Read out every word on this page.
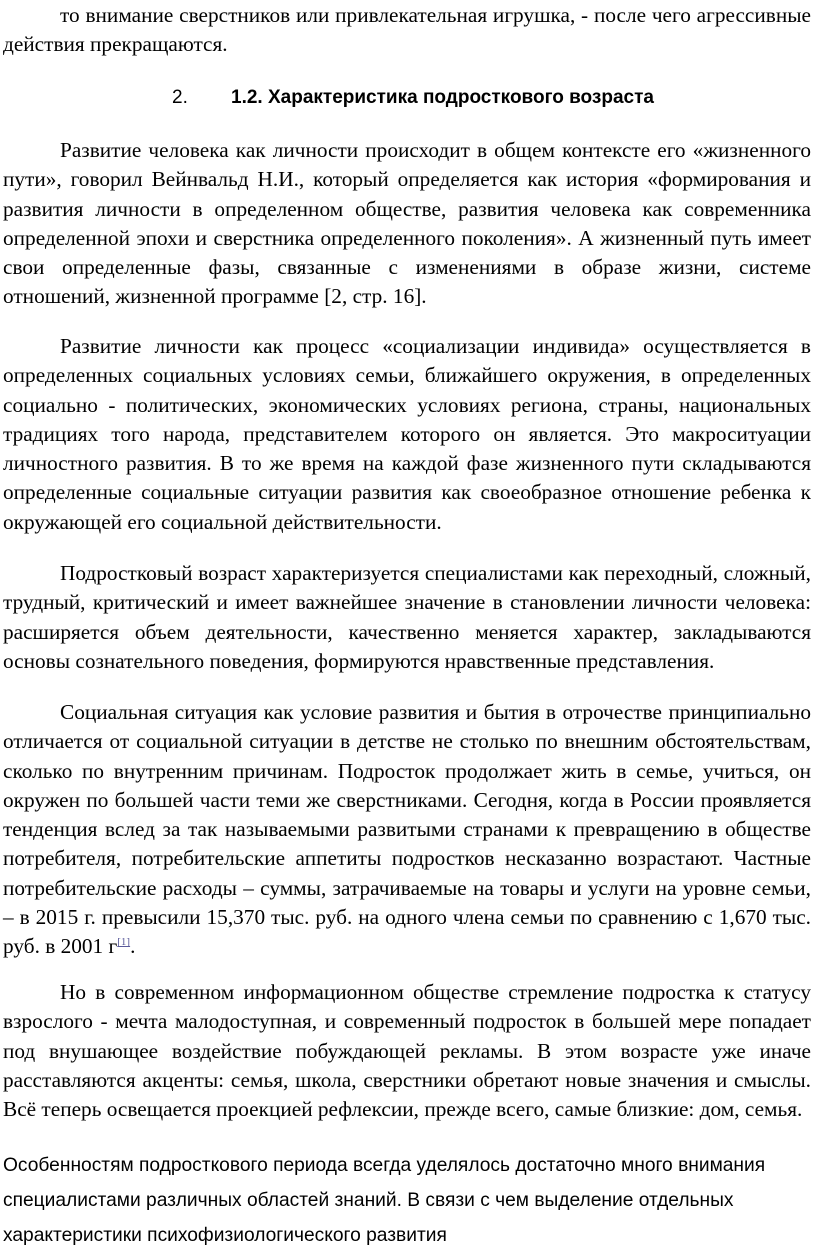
то внимание сверстников или привлекательная игрушка, - после чего агрессивные действия прекращаются.

2. 1.2. Характеристика подросткового возраста

Развитие человека как личности происходит в общем контексте его «жизненного пути», говорил Вейнвальд Н.И., который определяется как история «формирования и развития личности в определенном обществе, развития человека как современника определенной эпохи и сверстника определенного поколения». А жизненный путь имеет свои определенные фазы, связанные с изменениями в образе жизни, системе отношений, жизненной программе [2, стр. 16].

Развитие личности как процесс «социализации индивида» осуществляется в определенных социальных условиях семьи, ближайшего окружения, в определенных социально - политических, экономических условиях региона, страны, национальных традициях того народа, представителем которого он является. Это макроситуации личностного развития. В то же время на каждой фазе жизненного пути складываются определенные социальные ситуации развития как своеобразное отношение ребенка к окружающей его социальной действительности.

Подростковый возраст характеризуется специалистами как переходный, сложный, трудный, критический и имеет важнейшее значение в становлении личности человека: расширяется объем деятельности, качественно меняется характер, закладываются основы сознательного поведения, формируются нравственные представления.

Социальная ситуация как условие развития и бытия в отрочестве принципиально отличается от социальной ситуации в детстве не столько по внешним обстоятельствам, сколько по внутренним причинам. Подросток продолжает жить в семье, учиться, он окружен по большей части теми же сверстниками. Сегодня, когда в России проявляется тенденция вслед за так называемыми развитыми странами к превращению в обществе потребителя, потребительские аппетиты подростков несказанно возрастают. Частные потребительские расходы – суммы, затрачиваемые на товары и услуги на уровне семьи, – в 2015 г. превысили 15,370 тыс. руб. на одного члена семьи по сравнению с 1,670 тыс. руб. в 2001 г[1].

Но в современном информационном обществе стремление подростка к статусу взрослого - мечта малодоступная, и современный подросток в большей мере попадает под внушающее воздействие побуждающей рекламы. В этом возрасте уже иначе расставляются акценты: семья, школа, сверстники обретают новые значения и смыслы. Всё теперь освещается проекцией рефлексии, прежде всего, самые близкие: дом, семья.

Особенностям подросткового периода всегда уделялось достаточно много внимания специалистами различных областей знаний. В связи с чем выделение отдельных характеристики психофизиологического развития
